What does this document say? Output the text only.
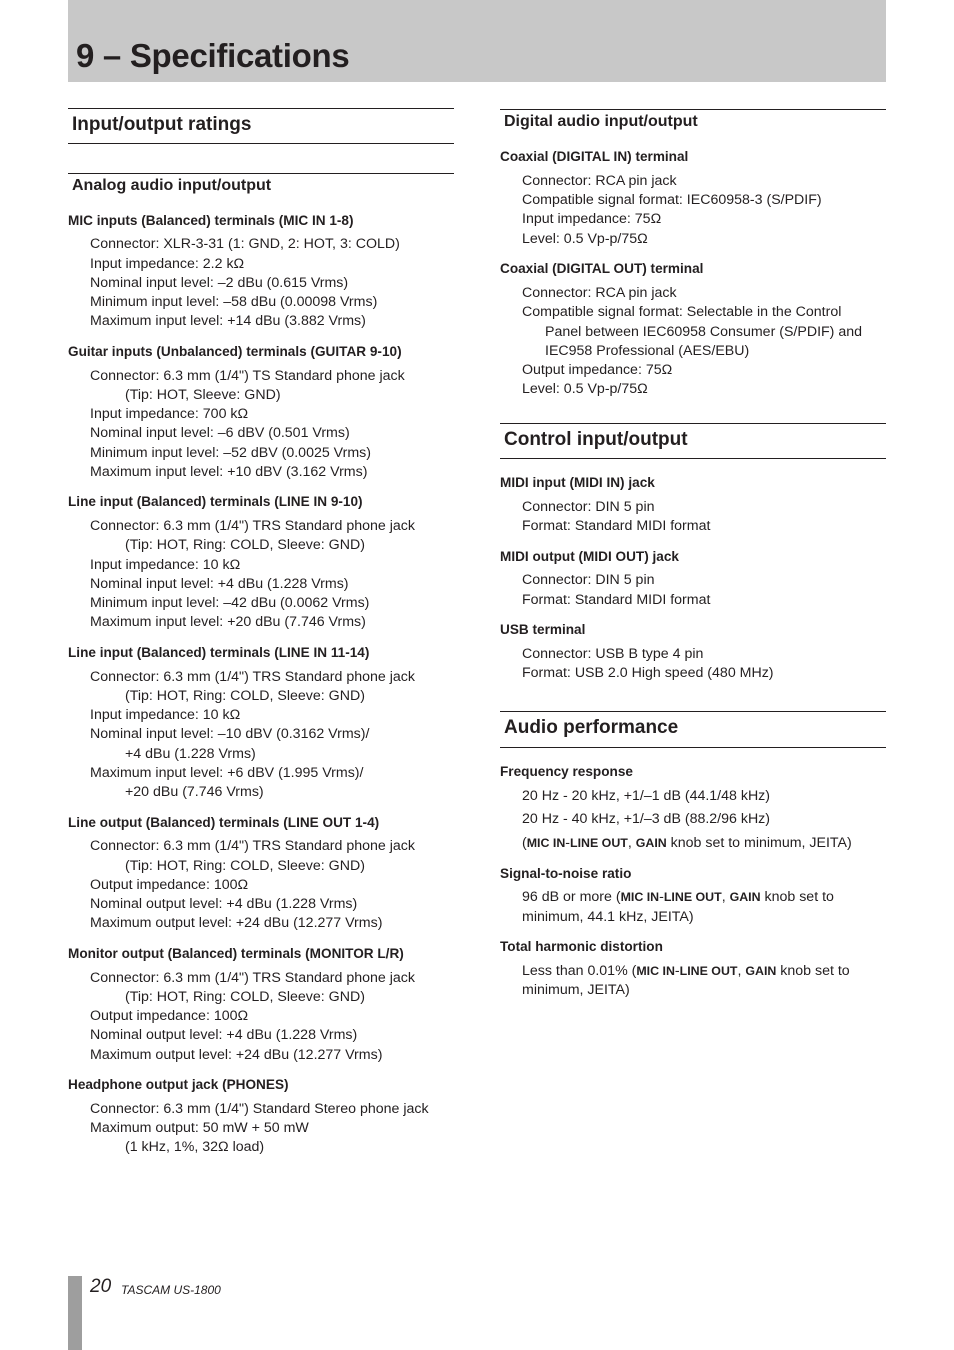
9 – Specifications
Input/output ratings
Analog audio input/output
MIC inputs (Balanced) terminals (MIC IN 1-8)
Connector: XLR-3-31 (1: GND, 2: HOT, 3: COLD)
Input impedance: 2.2 kΩ
Nominal input level: –2 dBu (0.615 Vrms)
Minimum input level: –58 dBu (0.00098 Vrms)
Maximum input level: +14 dBu (3.882 Vrms)
Guitar inputs (Unbalanced) terminals (GUITAR 9-10)
Connector: 6.3 mm (1/4") TS Standard phone jack
(Tip: HOT, Sleeve: GND)
Input impedance: 700 kΩ
Nominal input level: –6 dBV (0.501 Vrms)
Minimum input level: –52 dBV (0.0025 Vrms)
Maximum input level: +10 dBV (3.162 Vrms)
Line input (Balanced) terminals (LINE IN 9-10)
Connector: 6.3 mm (1/4") TRS Standard phone jack
(Tip: HOT, Ring: COLD, Sleeve: GND)
Input impedance: 10 kΩ
Nominal input level: +4 dBu (1.228 Vrms)
Minimum input level: –42 dBu (0.0062 Vrms)
Maximum input level: +20 dBu (7.746 Vrms)
Line input (Balanced) terminals (LINE IN 11-14)
Connector: 6.3 mm (1/4") TRS Standard phone jack
(Tip: HOT, Ring: COLD, Sleeve: GND)
Input impedance: 10 kΩ
Nominal input level: –10 dBV (0.3162 Vrms)/
+4 dBu (1.228 Vrms)
Maximum input level: +6 dBV (1.995 Vrms)/
+20 dBu (7.746 Vrms)
Line output (Balanced) terminals (LINE OUT 1-4)
Connector: 6.3 mm (1/4") TRS Standard phone jack
(Tip: HOT, Ring: COLD, Sleeve: GND)
Output impedance: 100Ω
Nominal output level: +4 dBu (1.228 Vrms)
Maximum output level: +24 dBu (12.277 Vrms)
Monitor output (Balanced) terminals (MONITOR L/R)
Connector: 6.3 mm (1/4") TRS Standard phone jack
(Tip: HOT, Ring: COLD, Sleeve: GND)
Output impedance: 100Ω
Nominal output level: +4 dBu (1.228 Vrms)
Maximum output level: +24 dBu (12.277 Vrms)
Headphone output jack (PHONES)
Connector: 6.3 mm (1/4") Standard Stereo phone jack
Maximum output: 50 mW + 50 mW
(1 kHz, 1%, 32Ω load)
Digital audio input/output
Coaxial (DIGITAL IN) terminal
Connector: RCA pin jack
Compatible signal format: IEC60958-3 (S/PDIF)
Input impedance: 75Ω
Level: 0.5 Vp-p/75Ω
Coaxial (DIGITAL OUT) terminal
Connector: RCA pin jack
Compatible signal format: Selectable in the Control
Panel between IEC60958 Consumer (S/PDIF) and
IEC958 Professional (AES/EBU)
Output impedance: 75Ω
Level: 0.5 Vp-p/75Ω
Control input/output
MIDI input (MIDI IN) jack
Connector: DIN 5 pin
Format: Standard MIDI format
MIDI output (MIDI OUT) jack
Connector: DIN 5 pin
Format: Standard MIDI format
USB terminal
Connector: USB B type 4 pin
Format: USB 2.0 High speed (480 MHz)
Audio performance
Frequency response
20 Hz - 20 kHz, +1/–1 dB (44.1/48 kHz)
20 Hz - 40 kHz, +1/–3 dB (88.2/96 kHz)
(MIC IN-LINE OUT, GAIN knob set to minimum, JEITA)
Signal-to-noise ratio
96 dB or more (MIC IN-LINE OUT, GAIN knob set to
minimum, 44.1 kHz, JEITA)
Total harmonic distortion
Less than 0.01% (MIC IN-LINE OUT, GAIN knob set to
minimum, JEITA)
20 TASCAM US-1800
